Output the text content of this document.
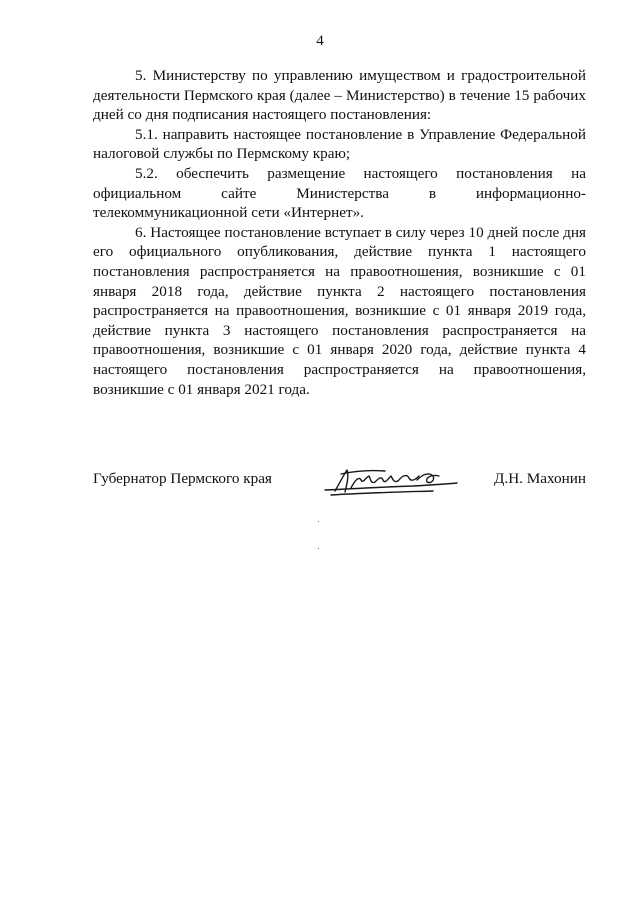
4

5. Министерству по управлению имуществом и градостроительной деятельности Пермского края (далее – Министерство) в течение 15 рабочих дней со дня подписания настоящего постановления:

5.1. направить настоящее постановление в Управление Федеральной налоговой службы по Пермскому краю;

5.2. обеспечить размещение настоящего постановления на официальном сайте Министерства в информационно-телекоммуникационной сети «Интернет».

6. Настоящее постановление вступает в силу через 10 дней после дня его официального опубликования, действие пункта 1 настоящего постановления распространяется на правоотношения, возникшие с 01 января 2018 года, действие пункта 2 настоящего постановления распространяется на правоотношения, возникшие с 01 января 2019 года, действие пункта 3 настоящего постановления распространяется на правоотношения, возникшие с 01 января 2020 года, действие пункта 4 настоящего постановления распространяется на правоотношения, возникшие с 01 января 2021 года.

Губернатор Пермского края	Д.Н. Махонин
